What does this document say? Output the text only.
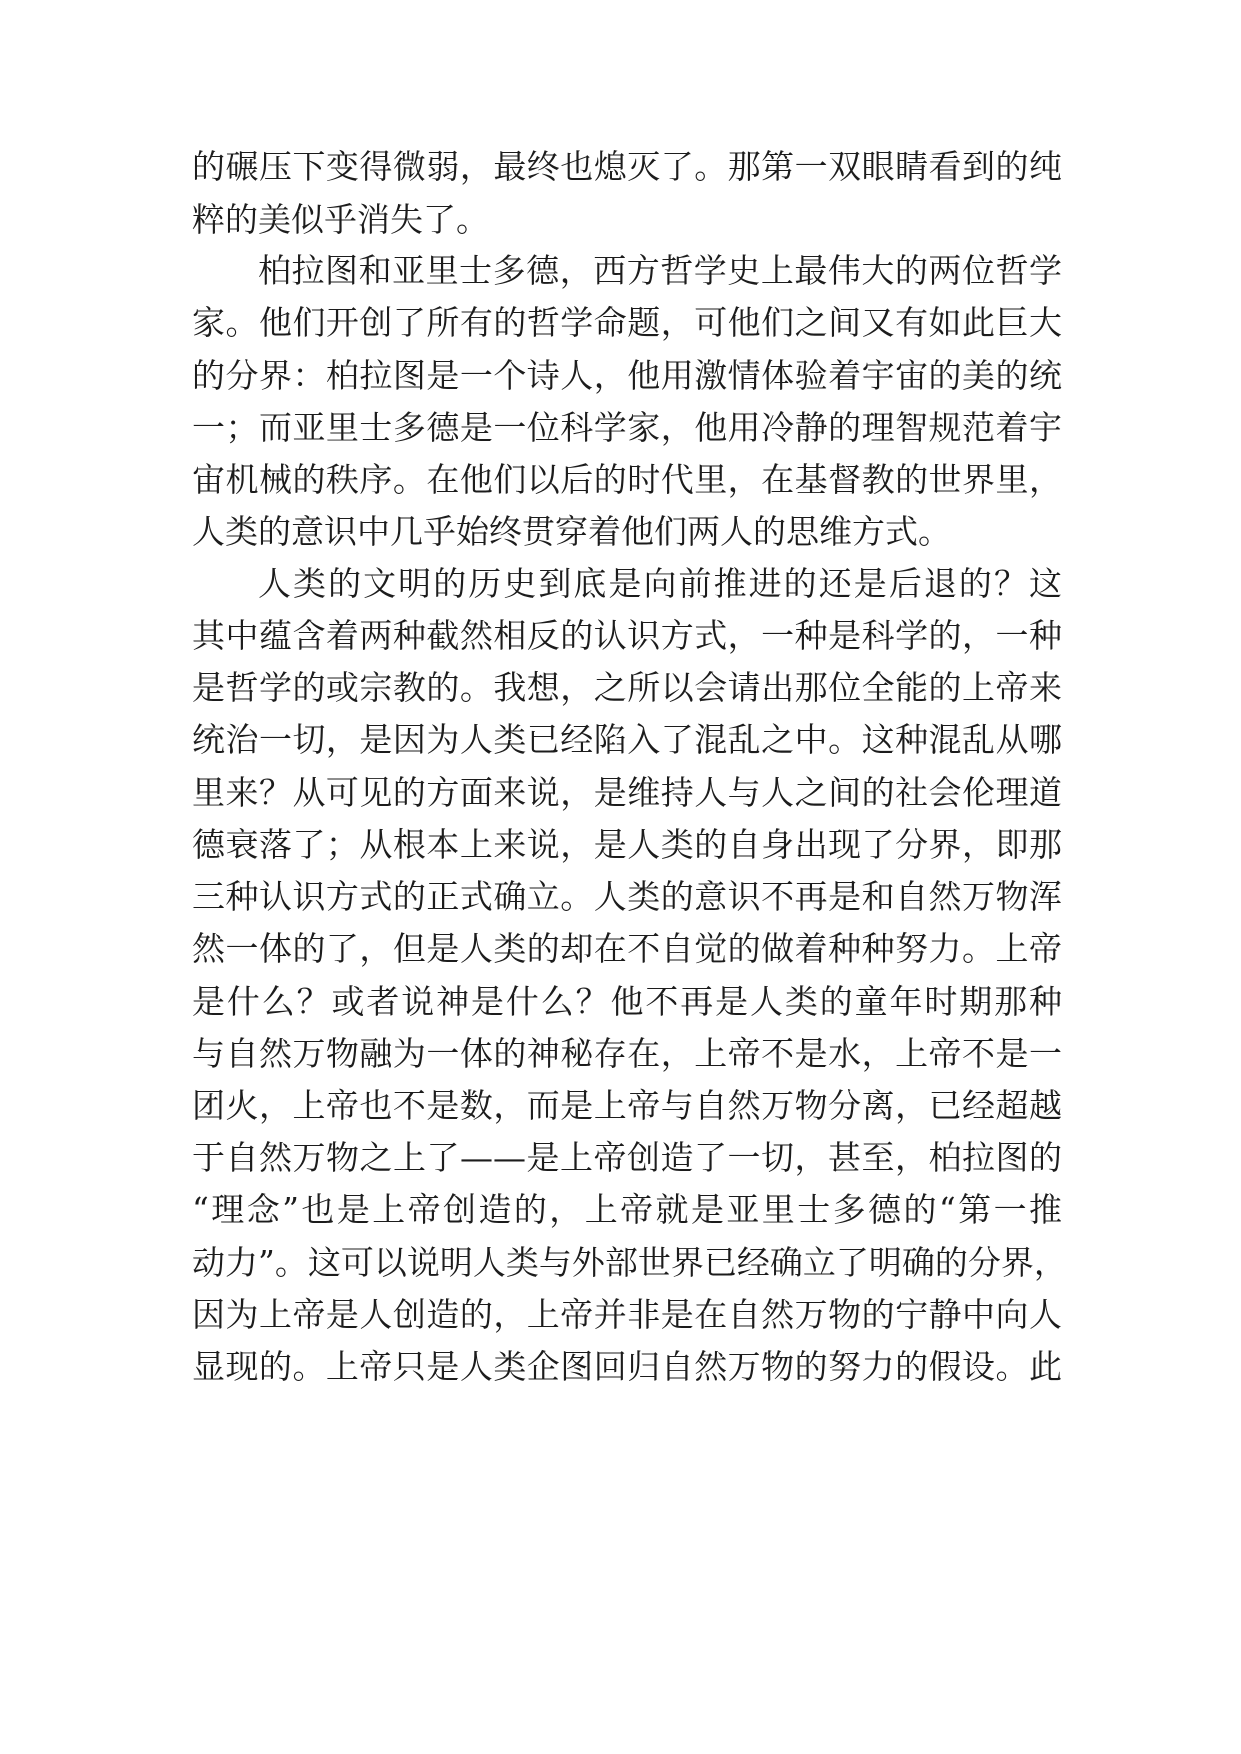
的碾压下变得微弱，最终也熄灭了。那第一双眼睛看到的纯
粹的美似乎消失了。
柏拉图和亚里士多德，西方哲学史上最伟大的两位哲学
家。他们开创了所有的哲学命题，可他们之间又有如此巨大
的分界：柏拉图是一个诗人，他用激情体验着宇宙的美的统
一；而亚里士多德是一位科学家，他用冷静的理智规范着宇
宙机械的秩序。在他们以后的时代里，在基督教的世界里，
人类的意识中几乎始终贯穿着他们两人的思维方式。
人类的文明的历史到底是向前推进的还是后退的？这
其中蕴含着两种截然相反的认识方式，一种是科学的，一种
是哲学的或宗教的。我想，之所以会请出那位全能的上帝来
统治一切，是因为人类已经陷入了混乱之中。这种混乱从哪
里来？从可见的方面来说，是维持人与人之间的社会伦理道
德衰落了；从根本上来说，是人类的自身出现了分界，即那
三种认识方式的正式确立。人类的意识不再是和自然万物浑
然一体的了，但是人类的却在不自觉的做着种种努力。上帝
是什么？或者说神是什么？他不再是人类的童年时期那种
与自然万物融为一体的神秘存在，上帝不是水，上帝不是一
团火，上帝也不是数，而是上帝与自然万物分离，已经超越
于自然万物之上了——是上帝创造了一切，甚至，柏拉图的
“理念”也是上帝创造的，上帝就是亚里士多德的“第一推
动力”。这可以说明人类与外部世界已经确立了明确的分界，
因为上帝是人创造的，上帝并非是在自然万物的宁静中向人
显现的。上帝只是人类企图回归自然万物的努力的假设。此
